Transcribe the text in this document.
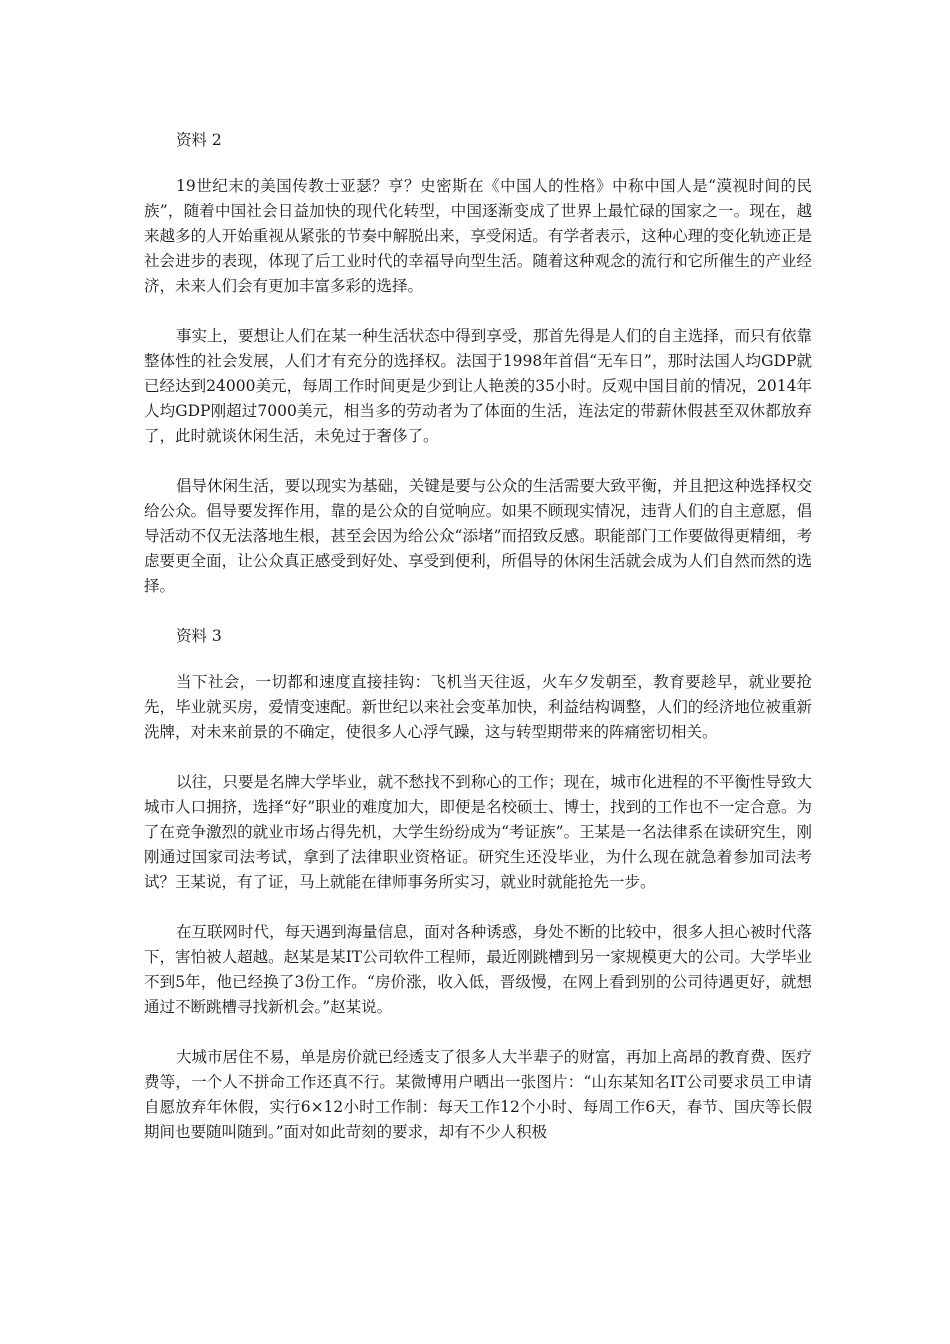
资料 2

19世纪末的美国传教士亚瑟？亨？史密斯在《中国人的性格》中称中国人是“漠视时间的民族”，随着中国社会日益加快的现代化转型，中国逐渐变成了世界上最忙碌的国家之一。现在，越来越多的人开始重视从紧张的节奏中解脱出来，享受闲适。有学者表示，这种心理的变化轨迹正是社会进步的表现，体现了后工业时代的幸福导向型生活。随着这种观念的流行和它所催生的产业经济，未来人们会有更加丰富多彩的选择。

事实上，要想让人们在某一种生活状态中得到享受，那首先得是人们的自主选择，而只有依靠整体性的社会发展，人们才有充分的选择权。法国于1998年首倡“无车日”，那时法国人均GDP就已经达到24000美元，每周工作时间更是少到让人艳羡的35小时。反观中国目前的情况，2014年人均GDP刚超过7000美元，相当多的劳动者为了体面的生活，连法定的带薪休假甚至双休都放弃了，此时就谈休闲生活，未免过于奢侈了。

倡导休闲生活，要以现实为基础，关键是要与公众的生活需要大致平衡，并且把这种选择权交给公众。倡导要发挥作用，靠的是公众的自觉响应。如果不顾现实情况，违背人们的自主意愿，倡导活动不仅无法落地生根，甚至会因为给公众“添堵”而招致反感。职能部门工作要做得更精细，考虑要更全面，让公众真正感受到好处、享受到便利，所倡导的休闲生活就会成为人们自然而然的选择。

资料 3

当下社会，一切都和速度直接挂钩：飞机当天往返，火车夕发朝至，教育要趁早，就业要抢先，毕业就买房，爱情变速配。新世纪以来社会变革加快，利益结构调整，人们的经济地位被重新洗牌，对未来前景的不确定，使很多人心浮气躁，这与转型期带来的阵痛密切相关。

以往，只要是名牌大学毕业，就不愁找不到称心的工作；现在，城市化进程的不平衡性导致大城市人口拥挤，选择“好”职业的难度加大，即便是名校硕士、博士，找到的工作也不一定合意。为了在竞争激烈的就业市场占得先机，大学生纷纷成为“考证族”。王某是一名法律系在读研究生，刚刚通过国家司法考试，拿到了法律职业资格证。研究生还没毕业，为什么现在就急着参加司法考试？王某说，有了证，马上就能在律师事务所实习，就业时就能抢先一步。

在互联网时代，每天遇到海量信息，面对各种诱惑，身处不断的比较中，很多人担心被时代落下，害怕被人超越。赵某是某IT公司软件工程师，最近刚跳槽到另一家规模更大的公司。大学毕业不到5年，他已经换了3份工作。“房价涨，收入低，晋级慢，在网上看到别的公司待遇更好，就想通过不断跳槽寻找新机会。”赵某说。

大城市居住不易，单是房价就已经透支了很多人大半辈子的财富，再加上高昂的教育费、医疗费等，一个人不拼命工作还真不行。某微博用户晒出一张图片：“山东某知名IT公司要求员工申请自愿放弃年休假，实行6×12小时工作制：每天工作12个小时、每周工作6天，春节、国庆等长假期间也要随叫随到。”面对如此苛刻的要求，却有不少人积极
